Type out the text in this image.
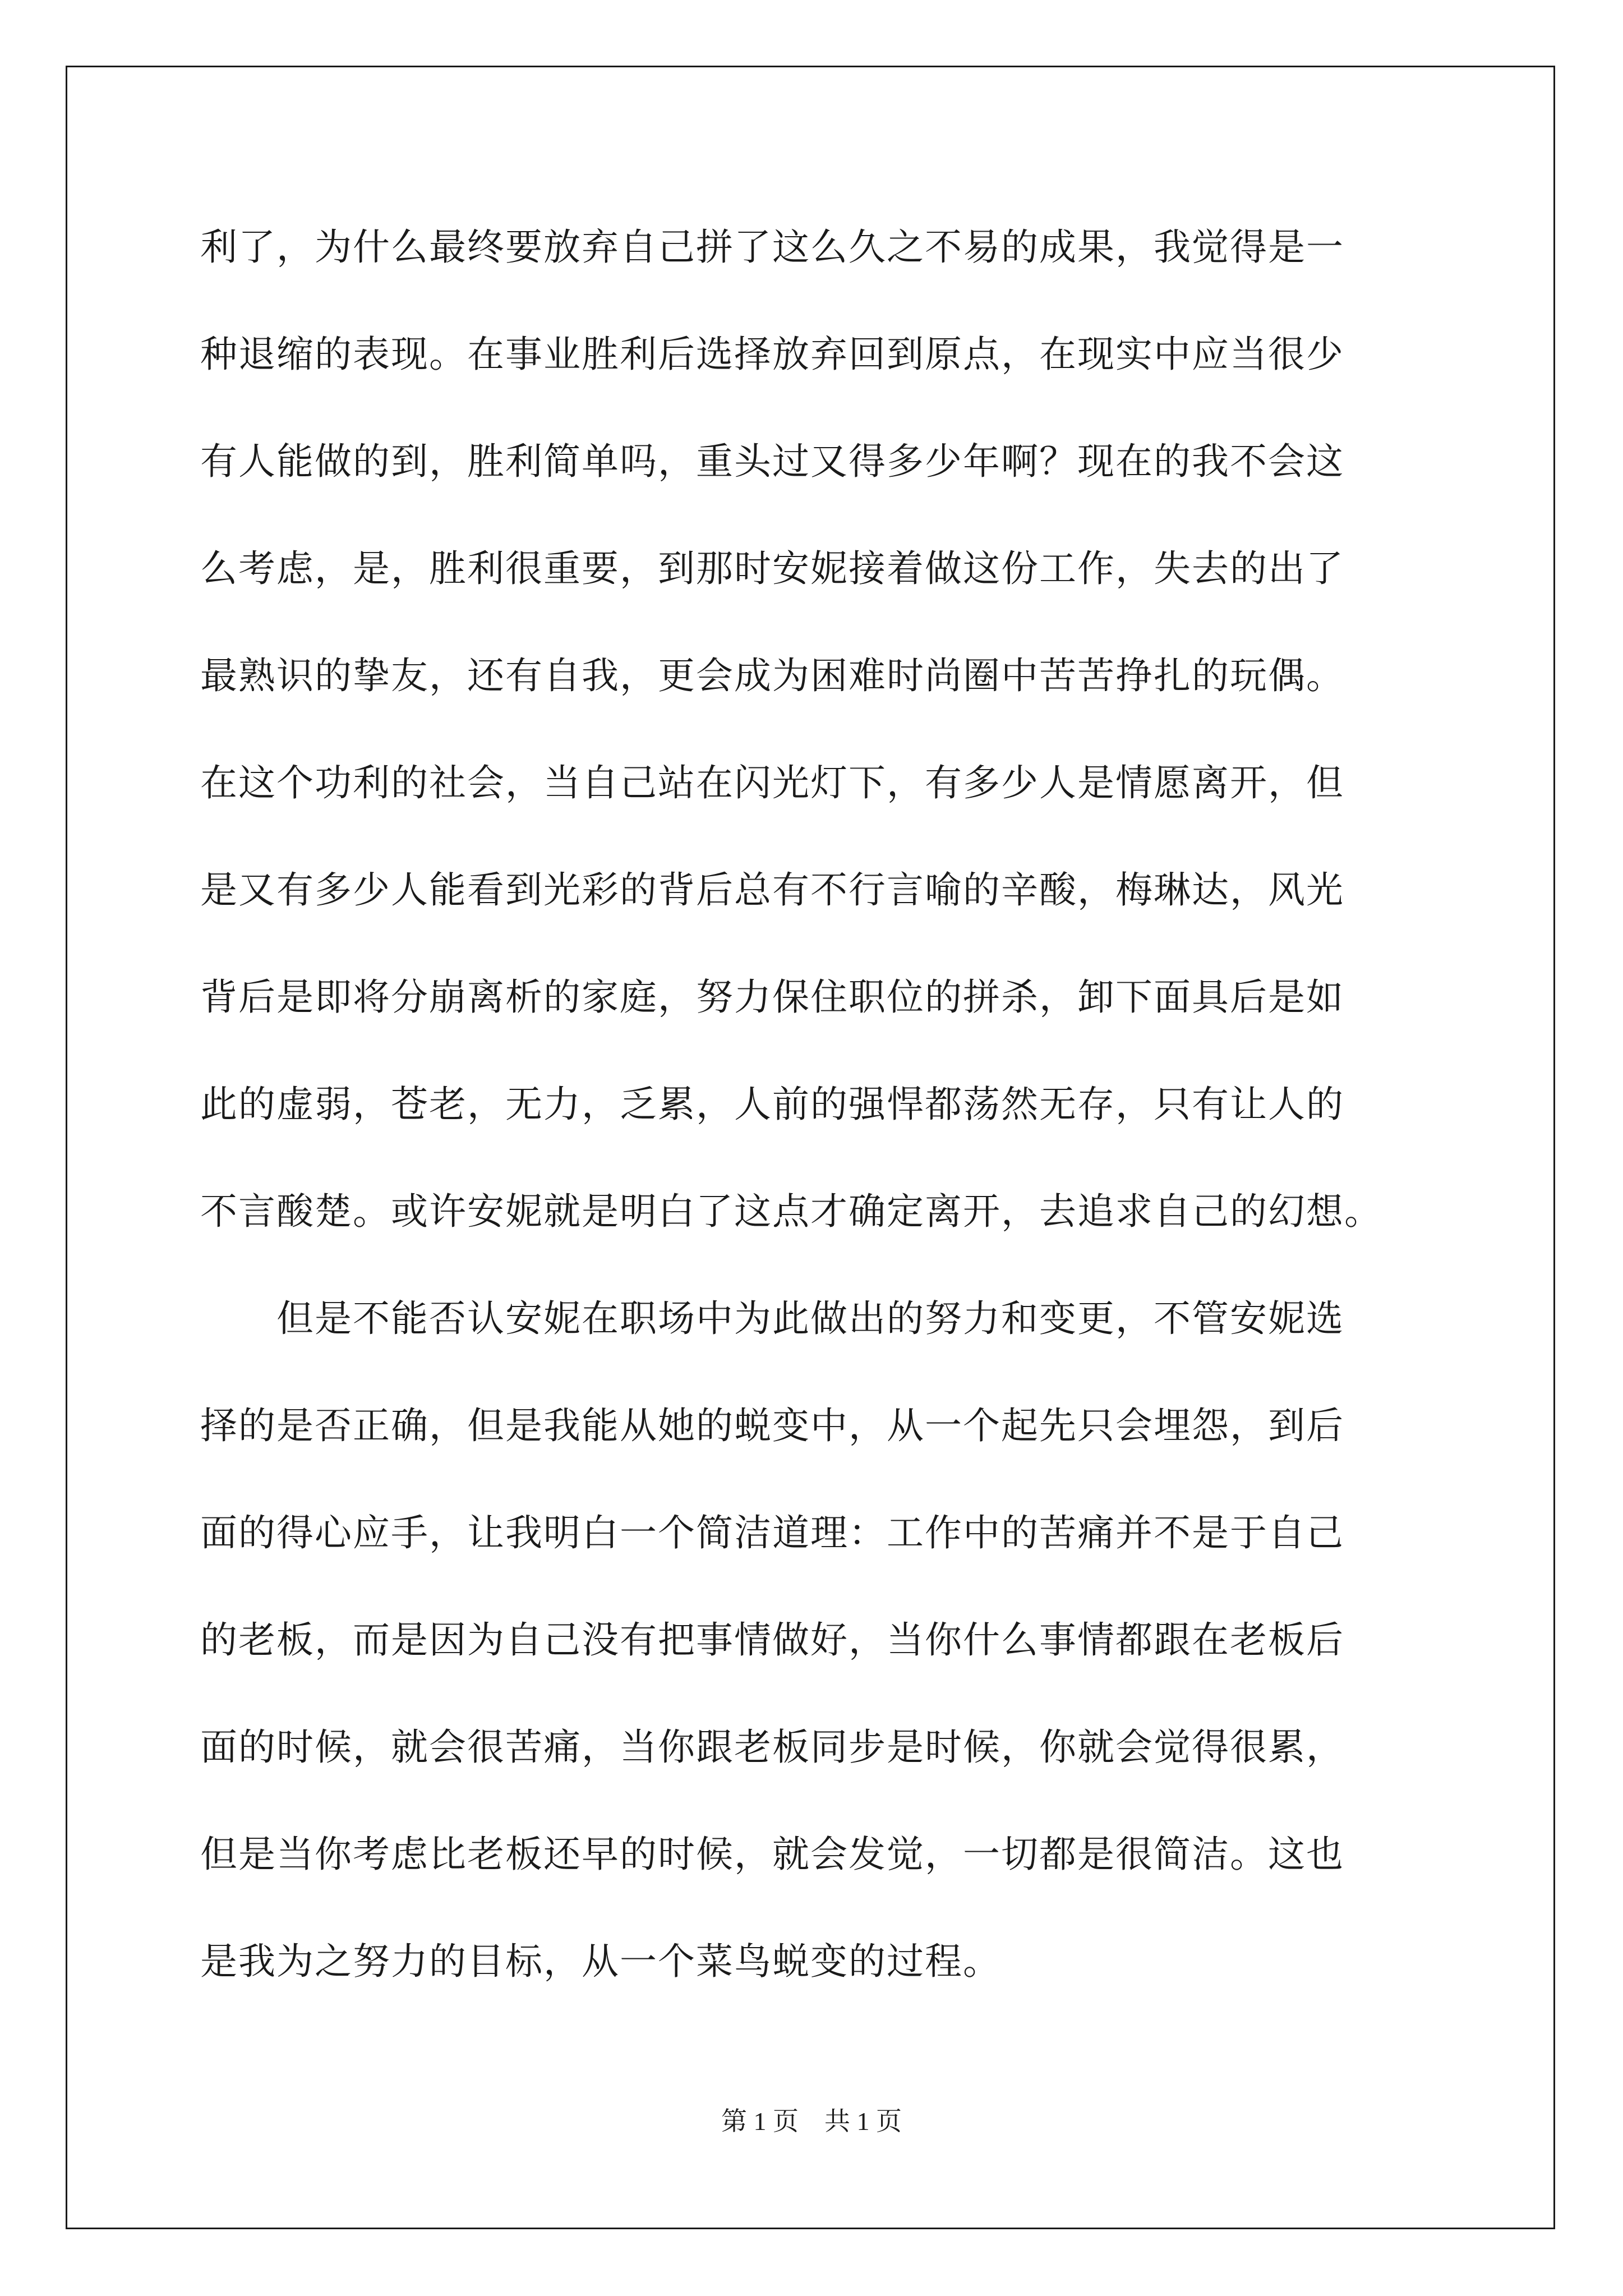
利了，为什么最终要放弃自己拼了这么久之不易的成果，我觉得是一
种退缩的表现。在事业胜利后选择放弃回到原点，在现实中应当很少
有人能做的到，胜利简单吗，重头过又得多少年啊？现在的我不会这
么考虑，是，胜利很重要，到那时安妮接着做这份工作，失去的出了
最熟识的挚友，还有自我，更会成为困难时尚圈中苦苦挣扎的玩偶。
在这个功利的社会，当自己站在闪光灯下，有多少人是情愿离开，但
是又有多少人能看到光彩的背后总有不行言喻的辛酸，梅琳达，风光
背后是即将分崩离析的家庭，努力保住职位的拼杀，卸下面具后是如
此的虚弱，苍老，无力，乏累，人前的强悍都荡然无存，只有让人的
不言酸楚。或许安妮就是明白了这点才确定离开，去追求自己的幻想。
　　但是不能否认安妮在职场中为此做出的努力和变更，不管安妮选
择的是否正确，但是我能从她的蜕变中，从一个起先只会埋怨，到后
面的得心应手，让我明白一个简洁道理：工作中的苦痛并不是于自己
的老板，而是因为自己没有把事情做好，当你什么事情都跟在老板后
面的时候，就会很苦痛，当你跟老板同步是时候，你就会觉得很累，
但是当你考虑比老板还早的时候，就会发觉，一切都是很简洁。这也
是我为之努力的目标，从一个菜鸟蜕变的过程。
第 1 页　共 1 页
